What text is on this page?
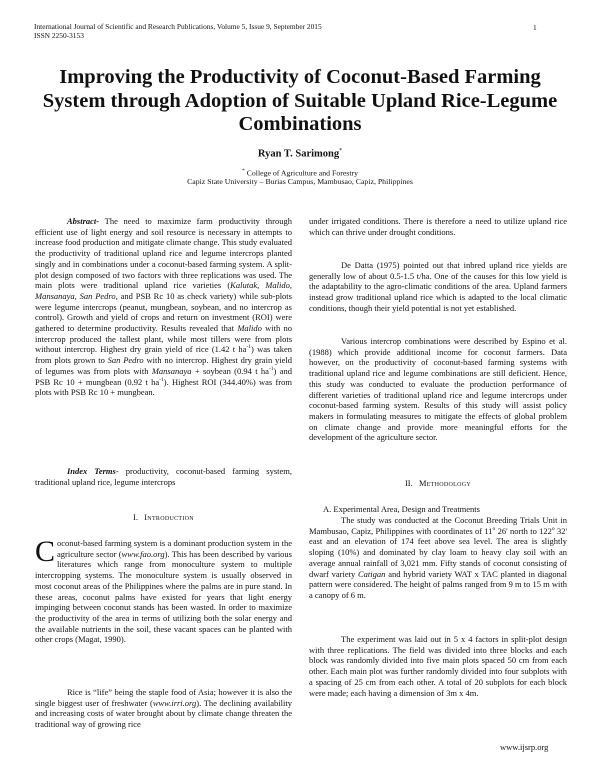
International Journal of Scientific and Research Publications, Volume 5, Issue 9, September 2015
ISSN 2250-3153
1
Improving the Productivity of Coconut-Based Farming System through Adoption of Suitable Upland Rice-Legume Combinations
Ryan T. Sarimong*
* College of Agriculture and Forestry
Capiz State University – Burias Campus, Mambusao, Capiz, Philippines

Abstract- The need to maximize farm productivity through efficient use of light energy and soil resource is necessary in attempts to increase food production and mitigate climate change. This study evaluated the productivity of traditional upland rice and legume intercrops planted singly and in combinations under a coconut-based farming system. A split-plot design composed of two factors with three replications was used. The main plots were traditional upland rice varieties (Kalutak, Malido, Mansanaya, San Pedro, and PSB Rc 10 as check variety) while sub-plots were legume intercrops (peanut, mungbean, soybean, and no intercrop as control). Growth and yield of crops and return on investment (ROI) were gathered to determine productivity. Results revealed that Malido with no intercrop produced the tallest plant, while most tillers were from plots without intercrop. Highest dry grain yield of rice (1.42 t $ha^{-1}$) was taken from plots grown to San Pedro with no intercrop. Highest dry grain yield of legumes was from plots with Mansanaya + soybean (0.94 t $ha^{-1}$) and PSB Rc 10 + mungbean (0.92 t $ha^{-1}$). Highest ROI (344.40%) was from plots with PSB Rc 10 + mungbean.

Index Terms- productivity, coconut-based farming system, traditional upland rice, legume intercrops

I. Introduction

Coconut-based farming system is a dominant production system in the agriculture sector (www.fao.org). This has been described by various literatures which range from monoculture system to multiple intercropping systems. The monoculture system is usually observed in most coconut areas of the Philippines where the palms are in pure stand. In these areas, coconut palms have existed for years that light energy impinging between coconut stands has been wasted. In order to maximize the productivity of the area in terms of utilizing both the solar energy and the available nutrients in the soil, these vacant spaces can be planted with other crops (Magat, 1990).

Rice is “life” being the staple food of Asia; however it is also the single biggest user of freshwater (www.irri.org). The declining availability and increasing costs of water brought about by climate change threaten the traditional way of growing rice

under irrigated conditions. There is therefore a need to utilize upland rice which can thrive under drought conditions.

De Datta (1975) pointed out that inbred upland rice yields are generally low of about 0.5-1.5 t/ha. One of the causes for this low yield is the adaptability to the agro-climatic conditions of the area. Upland farmers instead grow traditional upland rice which is adapted to the local climatic conditions, though their yield potential is not yet established.

Various intercrop combinations were described by Espino et al. (1988) which provide additional income for coconut farmers. Data however, on the productivity of coconut-based farming systems with traditional upland rice and legume combinations are still deficient. Hence, this study was conducted to evaluate the production performance of different varieties of traditional upland rice and legume intercrops under coconut-based farming system. Results of this study will assist policy makers in formulating measures to mitigate the effects of global problem on climate change and provide more meaningful efforts for the development of the agriculture sector.

II. Methodology

A. Experimental Area, Design and Treatments

The study was conducted at the Coconut Breeding Trials Unit in Mambusao, Capiz, Philippines with coordinates of 11$^o$ 26' north to 122$^o$ 32' east and an elevation of 174 feet above sea level. The area is slightly sloping (10%) and dominated by clay loam to heavy clay soil with an average annual rainfall of 3,021 mm. Fifty stands of coconut consisting of dwarf variety Catigan and hybrid variety WAT x TAC planted in diagonal pattern were considered. The height of palms ranged from 9 m to 15 m with a canopy of 6 m.

The experiment was laid out in 5 x 4 factors in split-plot design with three replications. The field was divided into three blocks and each block was randomly divided into five main plots spaced 50 cm from each other. Each main plot was further randomly divided into four subplots with a spacing of 25 cm from each other. A total of 20 subplots for each block were made; each having a dimension of 3m x 4m.

www.ijsrp.org
